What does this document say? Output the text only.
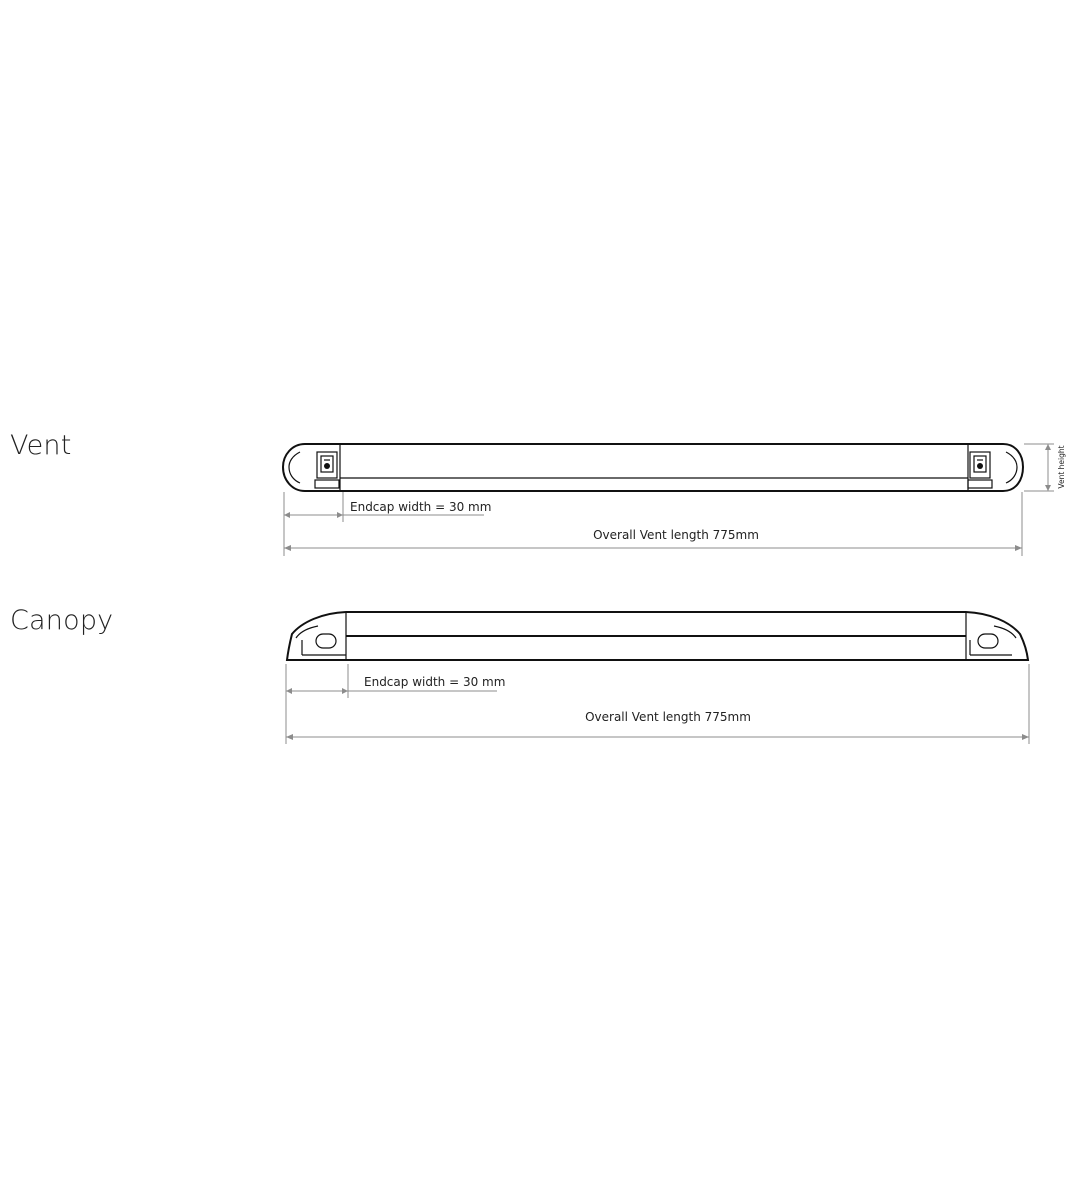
Vent
Canopy
Vent height
Endcap width = 30 mm
Overall Vent length 775mm
Endcap width = 30 mm
Overall Vent length 775mm
